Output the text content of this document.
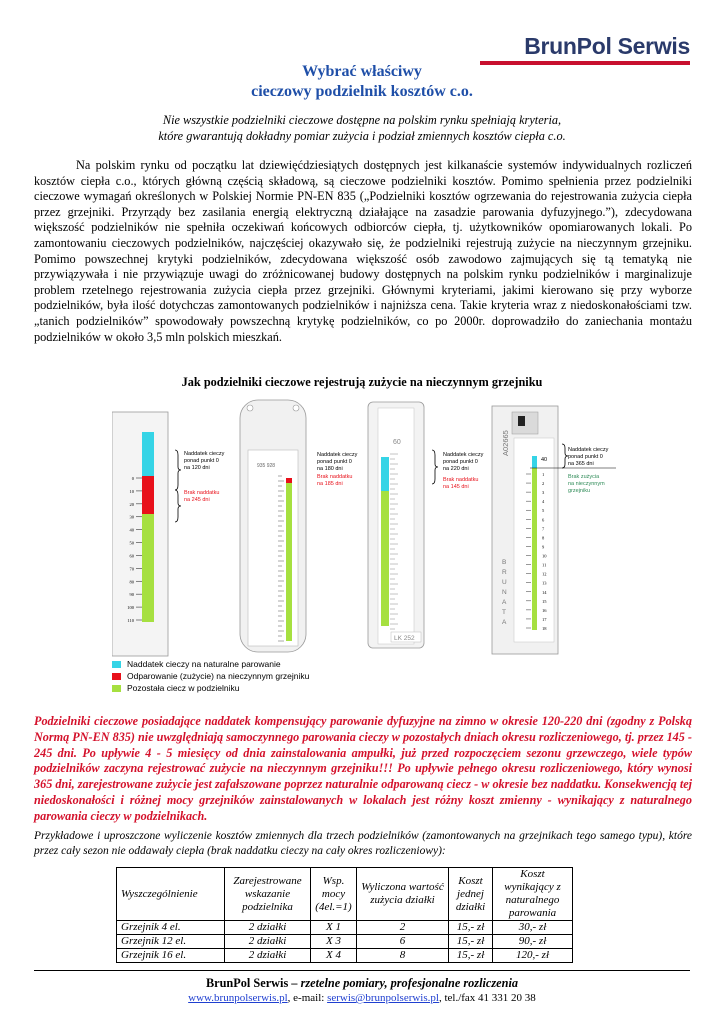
BrunPol Serwis
Wybrać właściwy
cieczowy podzielnik kosztów c.o.
Nie wszystkie podzielniki cieczowe dostępne na polskim rynku spełniają kryteria,
które gwarantują dokładny pomiar zużycia i podział zmiennych kosztów ciepła c.o.

Na polskim rynku od początku lat dziewięćdziesiątych dostępnych jest kilkanaście systemów indywidualnych rozliczeń kosztów ciepła c.o., których główną częścią składową, są cieczowe podzielniki kosztów. Pomimo spełnienia przez podzielniki cieczowe wymagań określonych w Polskiej Normie PN-EN 835 („Podzielniki kosztów ogrzewania do rejestrowania zużycia ciepła przez grzejniki. Przyrządy bez zasilania energią elektryczną działające na zasadzie parowania dyfuzyjnego.”), zdecydowana większość podzielników nie spełniła oczekiwań końcowych odbiorców ciepła, tj. użytkowników opomiarowanych lokali. Po zamontowaniu cieczowych podzielników, najczęściej okazywało się, że podzielniki rejestrują zużycie na nieczynnym grzejniku. Pomimo powszechnej krytyki podzielników, zdecydowana większość osób zawodowo zajmujących się tą tematyką nie przywiązywała i nie przywiązuje uwagi do zróżnicowanej budowy dostępnych na polskim rynku podzielników i marginalizuje problem rzetelnego rejestrowania zużycia ciepła przez grzejniki. Głównymi kryteriami, jakimi kierowano się przy wyborze podzielników, była ilość dotychczas zamontowanych podzielników i najniższa cena. Takie kryteria wraz z niedoskonałościami tzw. „tanich podzielników” spowodowały powszechną krytykę podzielników, co po 2000r. doprowadziło do zaniechania montażu podzielników w około 3,5 mln polskich mieszkań.

Jak podzielniki cieczowe rejestrują zużycie na nieczynnym grzejniku
0
10
20
30
40
50
60
70
80
90
100
110
Naddatek cieczy
ponad punkt 0
na 120 dni
Brak naddatku
na 245 dni
935 928
Naddatek cieczy
ponad punkt 0
na 180 dni
Brak naddatku
na 185 dni
60
LK 252
Naddatek cieczy
ponad punkt 0
na 220 dni
Brak naddatku
na 145 dni
A02665
B
R
U
N
A
T
A
40
1
2
3
4
5
6
7
8
9
10
11
12
13
14
15
16
17
18
Naddatek cieczy
ponad punkt 0
na 365 dni
Brak zużycia
na nieczynnym
grzejniku
Naddatek cieczy na naturalne parowanie
Odparowanie (zużycie) na nieczynnym grzejniku
Pozostała ciecz w podzielniku

Podzielniki cieczowe posiadające naddatek kompensujący parowanie dyfuzyjne na zimno w okresie 120-220 dni (zgodny z Polską Normą PN-EN 835) nie uwzględniają samoczynnego parowania cieczy w pozostałych dniach okresu rozliczeniowego, tj. przez 145 - 245 dni. Po upływie 4 - 5 miesięcy od dnia zainstalowania ampułki, już przed rozpoczęciem sezonu grzewczego, wiele typów podzielników zaczyna rejestrować zużycie na nieczynnym grzejniku!!! Po upływie pełnego okresu rozliczeniowego, który wynosi 365 dni, zarejestrowane zużycie jest zafałszowane poprzez naturalnie odparowaną ciecz - w okresie bez naddatku. Konsekwencją tej niedoskonałości i różnej mocy grzejników zainstalowanych w lokalach jest różny koszt zmienny - wynikający z naturalnego parowania cieczy w podzielnikach.

Przykładowe i uproszczone wyliczenie kosztów zmiennych dla trzech podzielników (zamontowanych na grzejnikach tego samego typu), które przez cały sezon nie oddawały ciepła (brak naddatku cieczy na cały okres rozliczeniowy):

Wyszczególnienie	Zarejestrowane wskazanie podzielnika	Wsp. mocy (4el.=1)	Wyliczona wartość zużycia działki	Koszt jednej działki	Koszt wynikający z naturalnego parowania
Grzejnik 4 el.	2 działki	X 1	2	15,- zł	30,- zł
Grzejnik 12 el.	2 działki	X 3	6	15,- zł	90,- zł
Grzejnik 16 el.	2 działki	X 4	8	15,- zł	120,- zł
BrunPol Serwis – rzetelne pomiary, profesjonalne rozliczenia
www.brunpolserwis.pl, e-mail: serwis@brunpolserwis.pl, tel./fax 41 331 20 38
